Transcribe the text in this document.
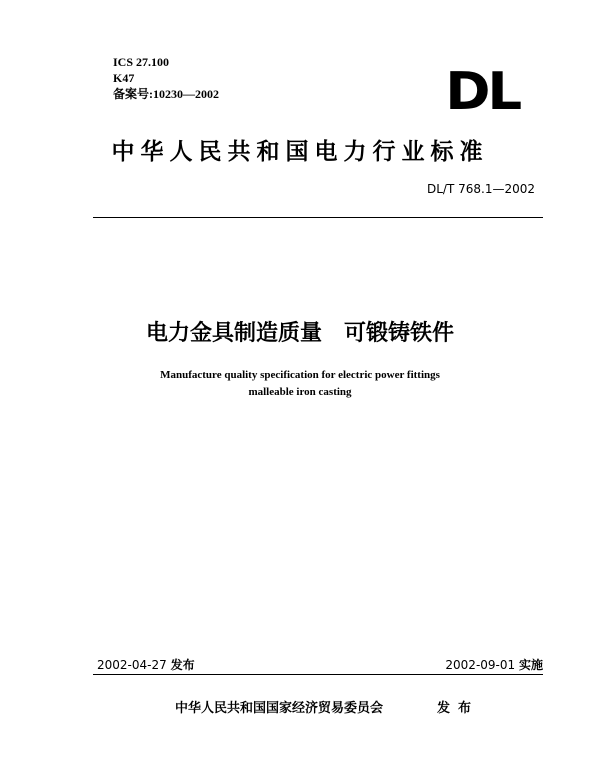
ICS 27.100
K47
备案号:10230—2002	DL
中华人民共和国电力行业标准
DL/T 768.1—2002
电力金具制造质量　可锻铸铁件
Manufacture quality specification for electric power fittings
malleable iron casting
2002-04-27 发布	2002-09-01 实施
中华人民共和国国家经济贸易委员会	发布
